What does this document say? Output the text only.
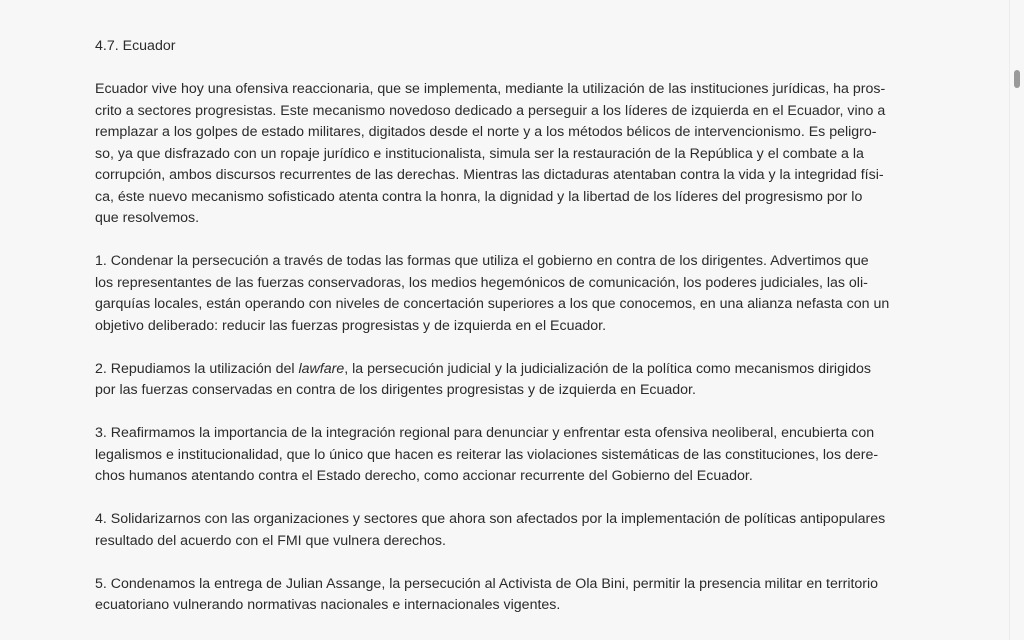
4.7. Ecuador

Ecuador vive hoy una ofensiva reaccionaria, que se implementa, mediante la utilización de las instituciones jurídicas, ha pros-
crito a sectores progresistas. Este mecanismo novedoso dedicado a perseguir a los líderes de izquierda en el Ecuador, vino a
remplazar a los golpes de estado militares, digitados desde el norte y a los métodos bélicos de intervencionismo. Es peligro-
so, ya que disfrazado con un ropaje jurídico e institucionalista, simula ser la restauración de la República y el combate a la
corrupción, ambos discursos recurrentes de las derechas. Mientras las dictaduras atentaban contra la vida y la integridad físi-
ca, éste nuevo mecanismo sofisticado atenta contra la honra, la dignidad y la libertad de los líderes del progresismo por lo
que resolvemos.

1. Condenar la persecución a través de todas las formas que utiliza el gobierno en contra de los dirigentes. Advertimos que
los representantes de las fuerzas conservadoras, los medios hegemónicos de comunicación, los poderes judiciales, las oli-
garquías locales, están operando con niveles de concertación superiores a los que conocemos, en una alianza nefasta con un
objetivo deliberado: reducir las fuerzas progresistas y de izquierda en el Ecuador.

2. Repudiamos la utilización del lawfare, la persecución judicial y la judicialización de la política como mecanismos dirigidos
por las fuerzas conservadas en contra de los dirigentes progresistas y de izquierda en Ecuador.

3. Reafirmamos la importancia de la integración regional para denunciar y enfrentar esta ofensiva neoliberal, encubierta con
legalismos e institucionalidad, que lo único que hacen es reiterar las violaciones sistemáticas de las constituciones, los dere-
chos humanos atentando contra el Estado derecho, como accionar recurrente del Gobierno del Ecuador.

4. Solidarizarnos con las organizaciones y sectores que ahora son afectados por la implementación de políticas antipopulares
resultado del acuerdo con el FMI que vulnera derechos.

5. Condenamos la entrega de Julian Assange, la persecución al Activista de Ola Bini, permitir la presencia militar en territorio
ecuatoriano vulnerando normativas nacionales e internacionales vigentes.
